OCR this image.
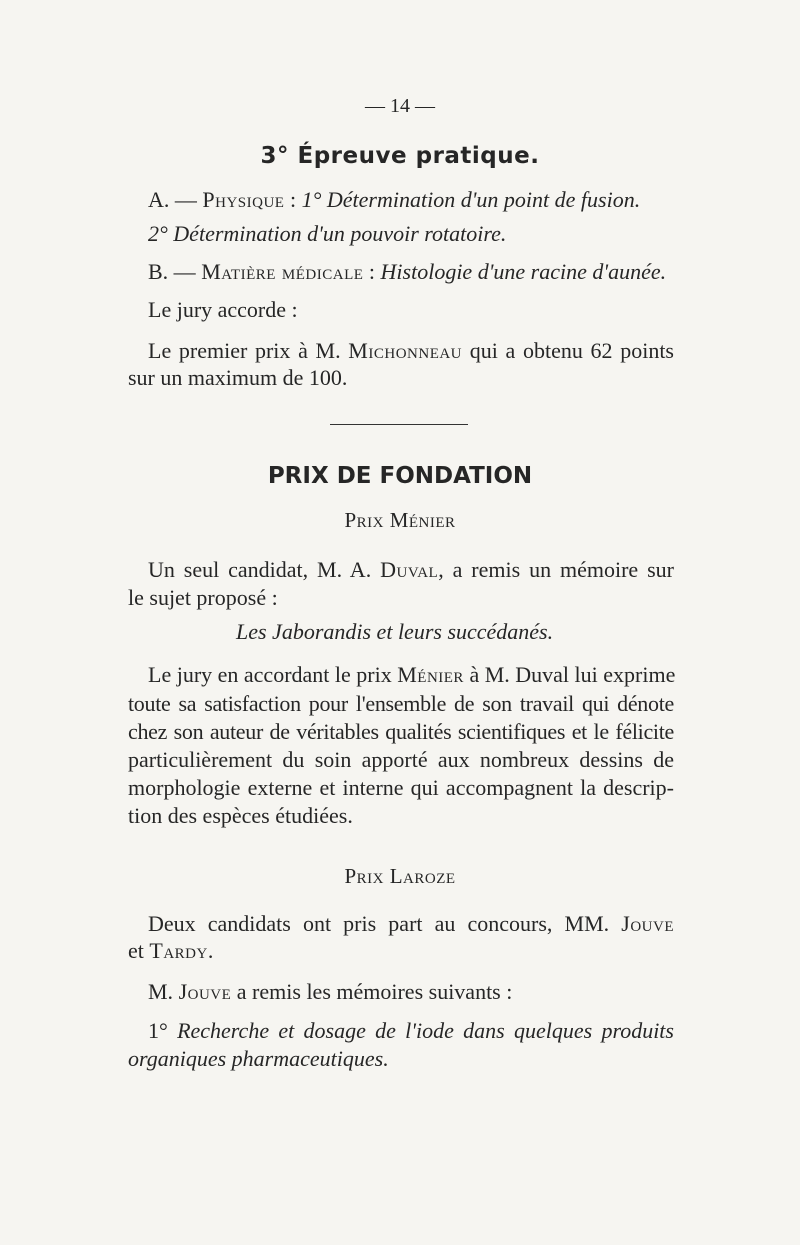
— 14 —

3° Épreuve pratique.

A. — Physique : 1° Détermination d'un point de fusion.

2° Détermination d'un pouvoir rotatoire.

B. — Matière médicale : Histologie d'une racine d'aunée.

Le jury accorde :

Le premier prix à M. Michonneau qui a obtenu 62 points

sur un maximum de 100.

PRIX DE FONDATION

Prix Ménier

Un seul candidat, M. A. Duval, a remis un mémoire sur

le sujet proposé :

Les Jaborandis et leurs succédanés.

Le jury en accordant le prix Ménier à M. Duval lui exprime

toute sa satisfaction pour l'ensemble de son travail qui dénote

chez son auteur de véritables qualités scientifiques et le félicite

particulièrement du soin apporté aux nombreux dessins de

morphologie externe et interne qui accompagnent la descrip-

tion des espèces étudiées.

Prix Laroze

Deux candidats ont pris part au concours, MM. Jouve

et Tardy.

M. Jouve a remis les mémoires suivants :

1° Recherche et dosage de l'iode dans quelques produits

organiques pharmaceutiques.
